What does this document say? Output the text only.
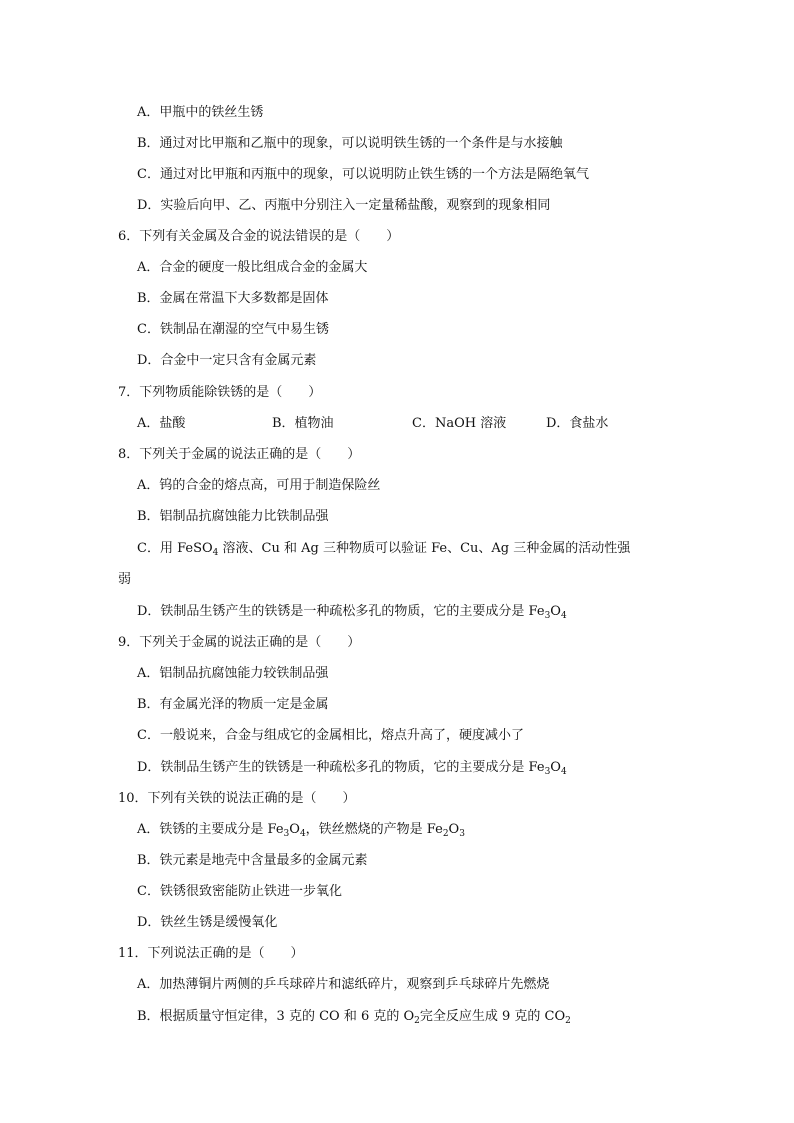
A．甲瓶中的铁丝生锈
B．通过对比甲瓶和乙瓶中的现象，可以说明铁生锈的一个条件是与水接触
C．通过对比甲瓶和丙瓶中的现象，可以说明防止铁生锈的一个方法是隔绝氧气
D．实验后向甲、乙、丙瓶中分别注入一定量稀盐酸，观察到的现象相同
6．下列有关金属及合金的说法错误的是（　　）
A．合金的硬度一般比组成合金的金属大
B．金属在常温下大多数都是固体
C．铁制品在潮湿的空气中易生锈
D．合金中一定只含有金属元素
7．下列物质能除铁锈的是（　　）
A．盐酸	B．植物油	C．NaOH 溶液	D．食盐水
8．下列关于金属的说法正确的是（　　）
A．钨的合金的熔点高，可用于制造保险丝
B．铝制品抗腐蚀能力比铁制品强
C．用 FeSO$_4$ 溶液、Cu 和 Ag 三种物质可以验证 Fe、Cu、Ag 三种金属的活动性强
弱
D．铁制品生锈产生的铁锈是一种疏松多孔的物质，它的主要成分是 $Fe_3O_4$
9．下列关于金属的说法正确的是（　　）
A．铝制品抗腐蚀能力较铁制品强
B．有金属光泽的物质一定是金属
C．一般说来，合金与组成它的金属相比，熔点升高了，硬度减小了
D．铁制品生锈产生的铁锈是一种疏松多孔的物质，它的主要成分是 $Fe_3O_4$
10．下列有关铁的说法正确的是（　　）
A．铁锈的主要成分是 $Fe_3O_4$，铁丝燃烧的产物是 $Fe_2O_3$
B．铁元素是地壳中含量最多的金属元素
C．铁锈很致密能防止铁进一步氧化
D．铁丝生锈是缓慢氧化
11．下列说法正确的是（　　）
A．加热薄铜片两侧的乒乓球碎片和滤纸碎片，观察到乒乓球碎片先燃烧
B．根据质量守恒定律，3 克的 CO 和 6 克的 $O_2$完全反应生成 9 克的 $CO_2$
